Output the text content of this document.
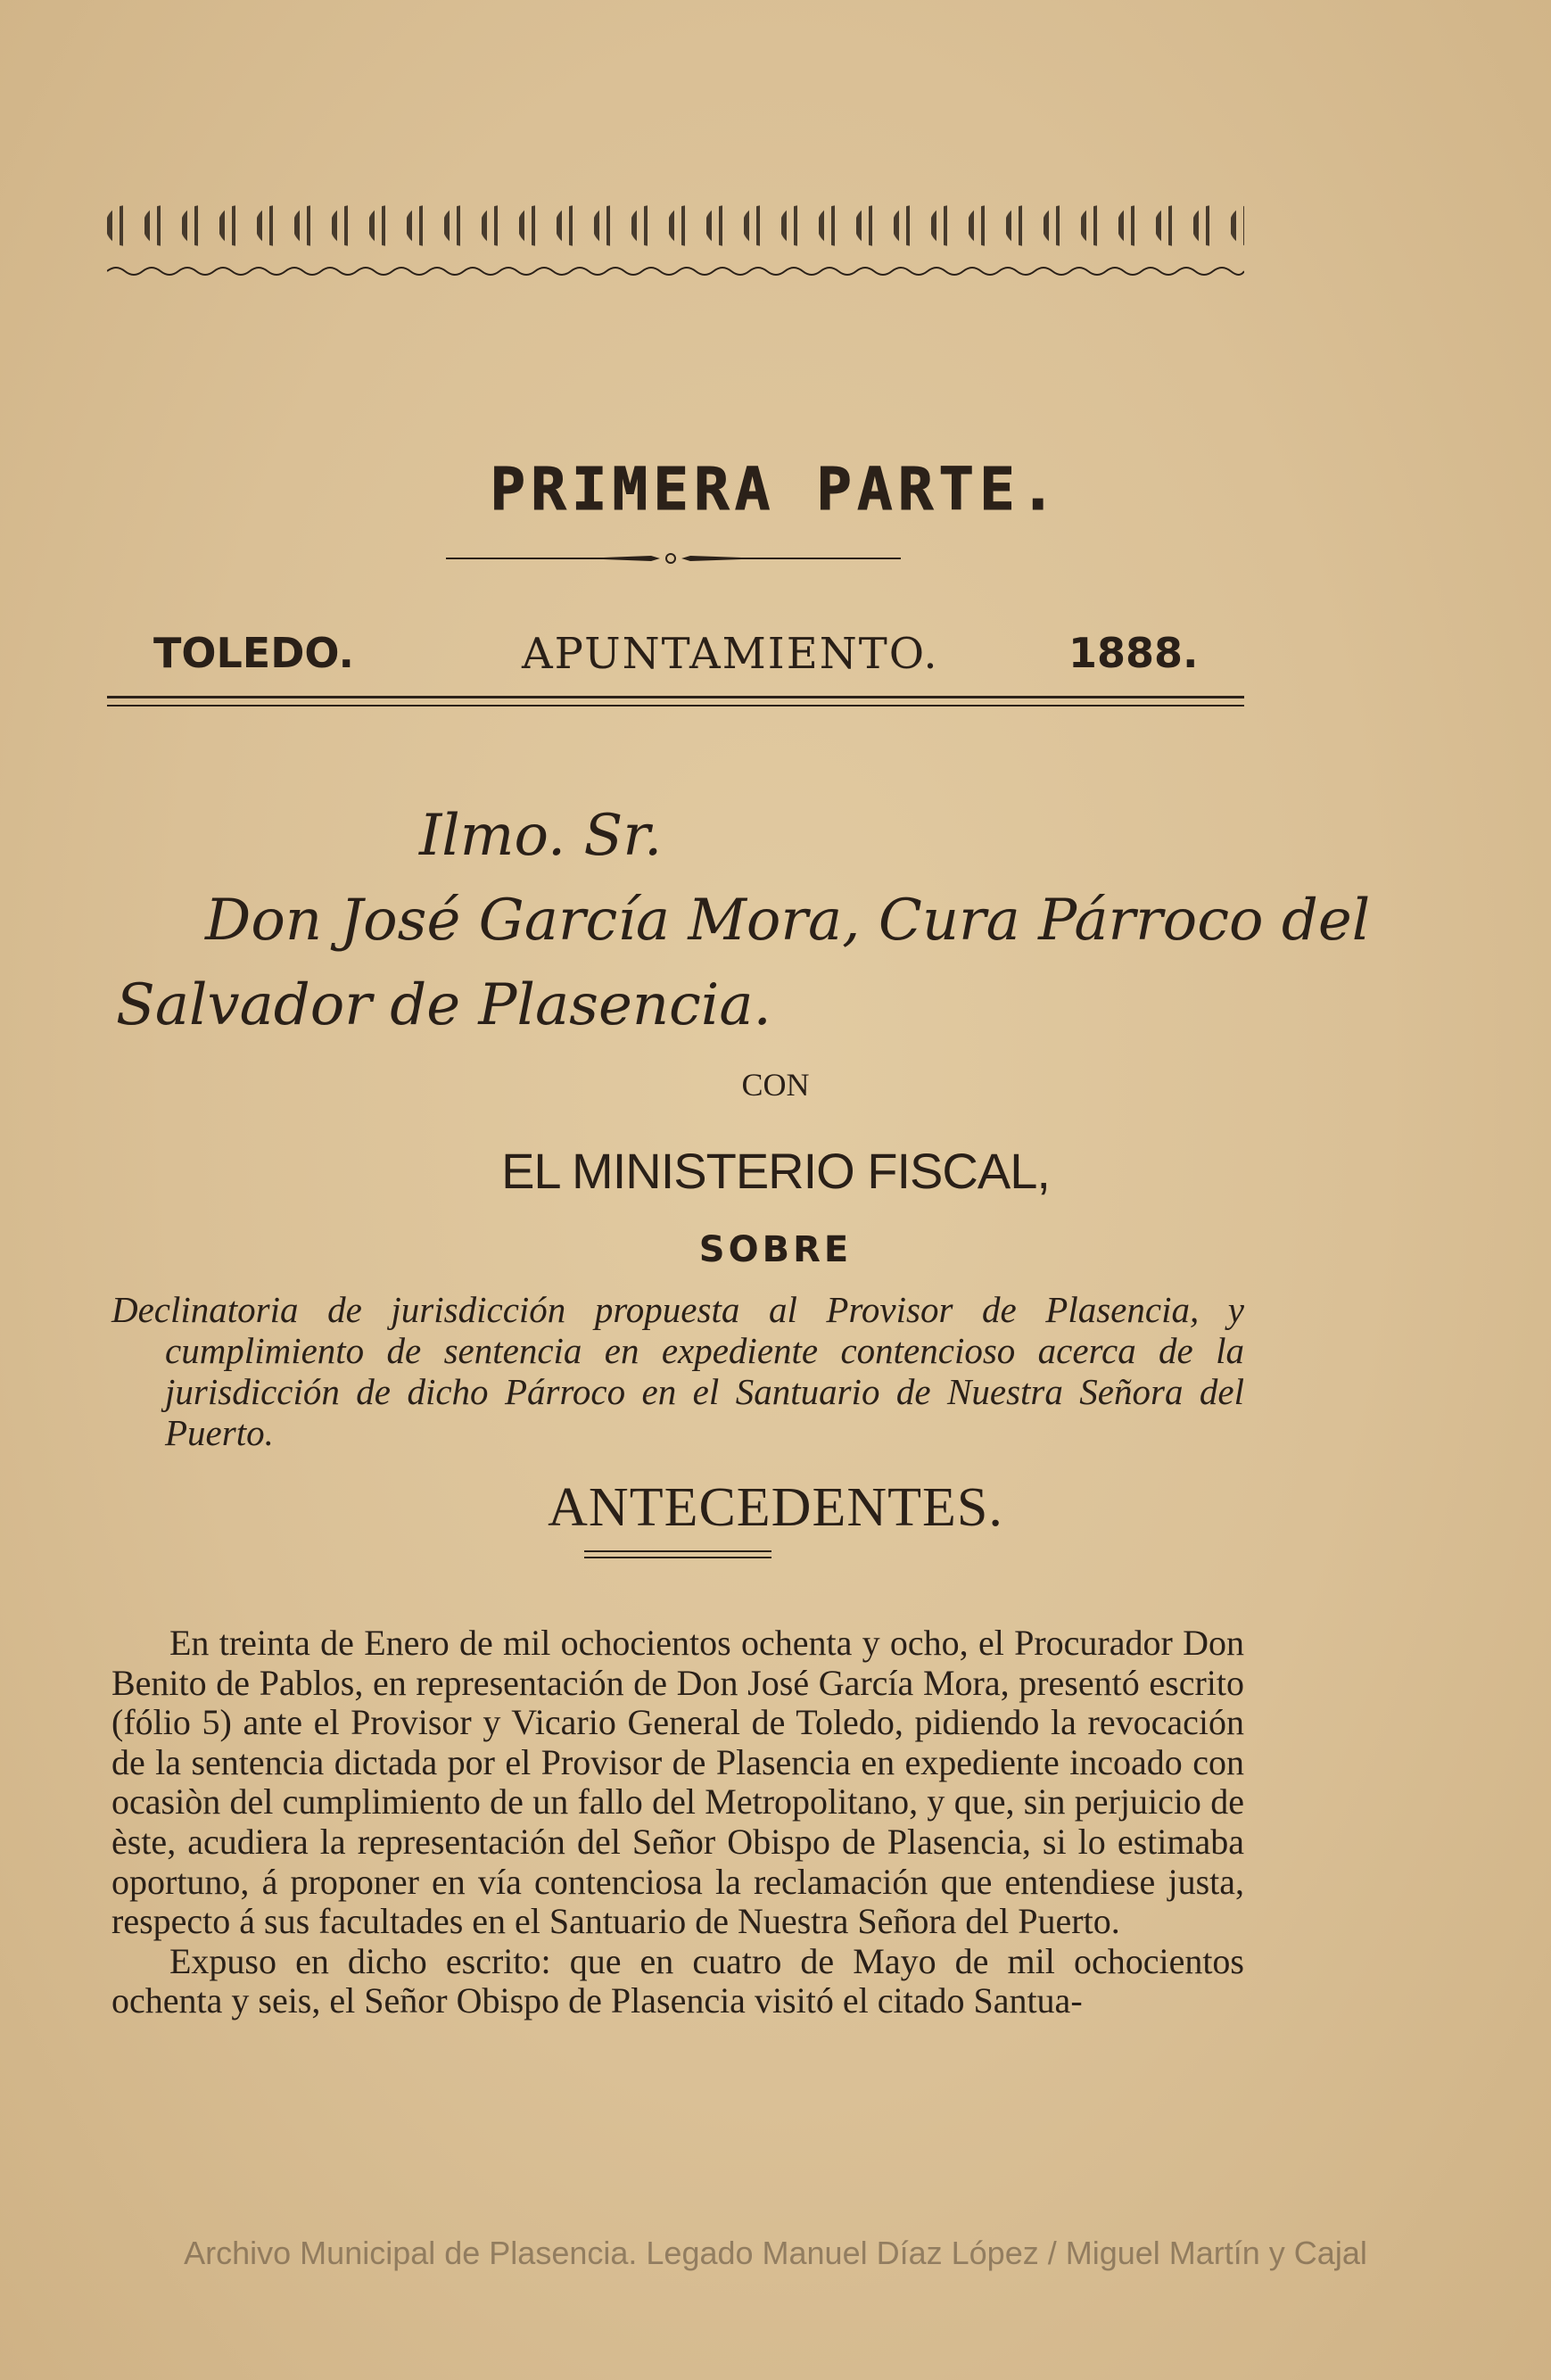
PRIMERA PARTE.
TOLEDO.	APUNTAMIENTO.	1888.
Ilmo. Sr.
Don José García Mora, Cura Párroco del
Salvador de Plasencia.
CON
EL MINISTERIO FISCAL,
SOBRE

Declinatoria de jurisdicción propuesta al Provisor de Plasencia, y cumplimiento de sentencia en expediente contencioso acerca de la jurisdicción de dicho Párroco en el Santuario de Nuestra Señora del Puerto.

ANTECEDENTES.

En treinta de Enero de mil ochocientos ochenta y ocho, el Procurador Don Benito de Pablos, en representación de Don José García Mora, presentó escrito (fólio 5) ante el Provisor y Vicario General de Toledo, pidiendo la revocación de la sentencia dictada por el Provisor de Plasencia en expediente incoado con ocasiòn del cumplimiento de un fallo del Metropolitano, y que, sin perjuicio de èste, acudiera la representación del Señor Obispo de Plasencia, si lo estimaba oportuno, á proponer en vía contenciosa la reclamación que entendiese justa, respecto á sus facultades en el Santuario de Nuestra Señora del Puerto.

Expuso en dicho escrito: que en cuatro de Mayo de mil ochocientos ochenta y seis, el Señor Obispo de Plasencia visitó el citado Santua-

Archivo Municipal de Plasencia. Legado Manuel Díaz López / Miguel Martín y Cajal
